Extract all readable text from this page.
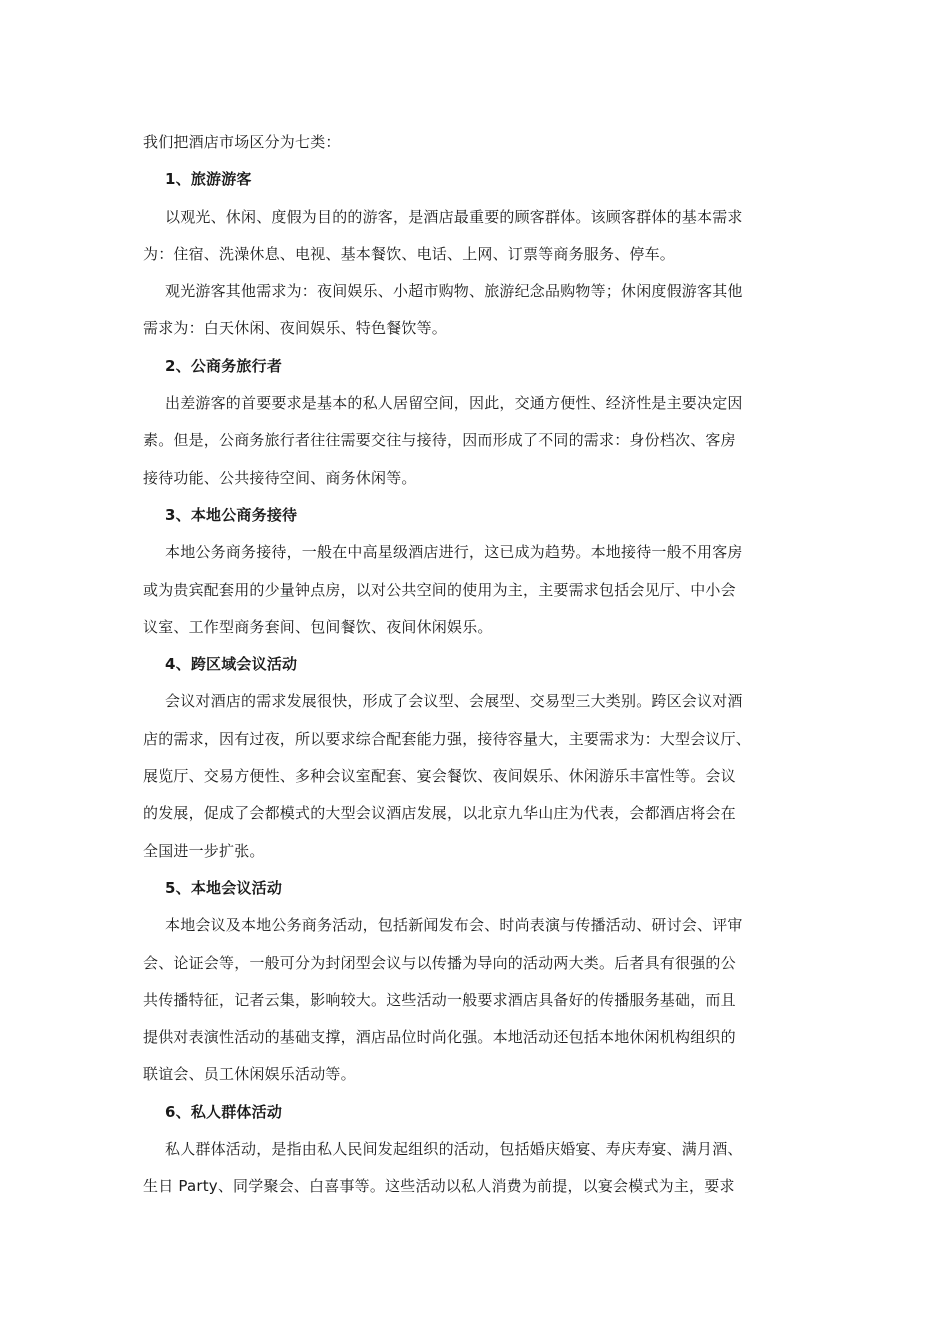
我们把酒店市场区分为七类：
1、旅游游客
以观光、休闲、度假为目的的游客，是酒店最重要的顾客群体。该顾客群体的基本需求
为：住宿、洗澡休息、电视、基本餐饮、电话、上网、订票等商务服务、停车。
观光游客其他需求为：夜间娱乐、小超市购物、旅游纪念品购物等；休闲度假游客其他
需求为：白天休闲、夜间娱乐、特色餐饮等。
2、公商务旅行者
出差游客的首要要求是基本的私人居留空间，因此，交通方便性、经济性是主要决定因
素。但是，公商务旅行者往往需要交往与接待，因而形成了不同的需求：身份档次、客房
接待功能、公共接待空间、商务休闲等。
3、本地公商务接待
本地公务商务接待，一般在中高星级酒店进行，这已成为趋势。本地接待一般不用客房
或为贵宾配套用的少量钟点房，以对公共空间的使用为主，主要需求包括会见厅、中小会
议室、工作型商务套间、包间餐饮、夜间休闲娱乐。
4、跨区域会议活动
会议对酒店的需求发展很快，形成了会议型、会展型、交易型三大类别。跨区会议对酒
店的需求，因有过夜，所以要求综合配套能力强，接待容量大，主要需求为：大型会议厅、
展览厅、交易方便性、多种会议室配套、宴会餐饮、夜间娱乐、休闲游乐丰富性等。会议
的发展，促成了会都模式的大型会议酒店发展，以北京九华山庄为代表，会都酒店将会在
全国进一步扩张。
5、本地会议活动
本地会议及本地公务商务活动，包括新闻发布会、时尚表演与传播活动、研讨会、评审
会、论证会等，一般可分为封闭型会议与以传播为导向的活动两大类。后者具有很强的公
共传播特征，记者云集，影响较大。这些活动一般要求酒店具备好的传播服务基础，而且
提供对表演性活动的基础支撑，酒店品位时尚化强。本地活动还包括本地休闲机构组织的
联谊会、员工休闲娱乐活动等。
6、私人群体活动
私人群体活动，是指由私人民间发起组织的活动，包括婚庆婚宴、寿庆寿宴、满月酒、
生日 Party、同学聚会、白喜事等。这些活动以私人消费为前提，以宴会模式为主，要求
